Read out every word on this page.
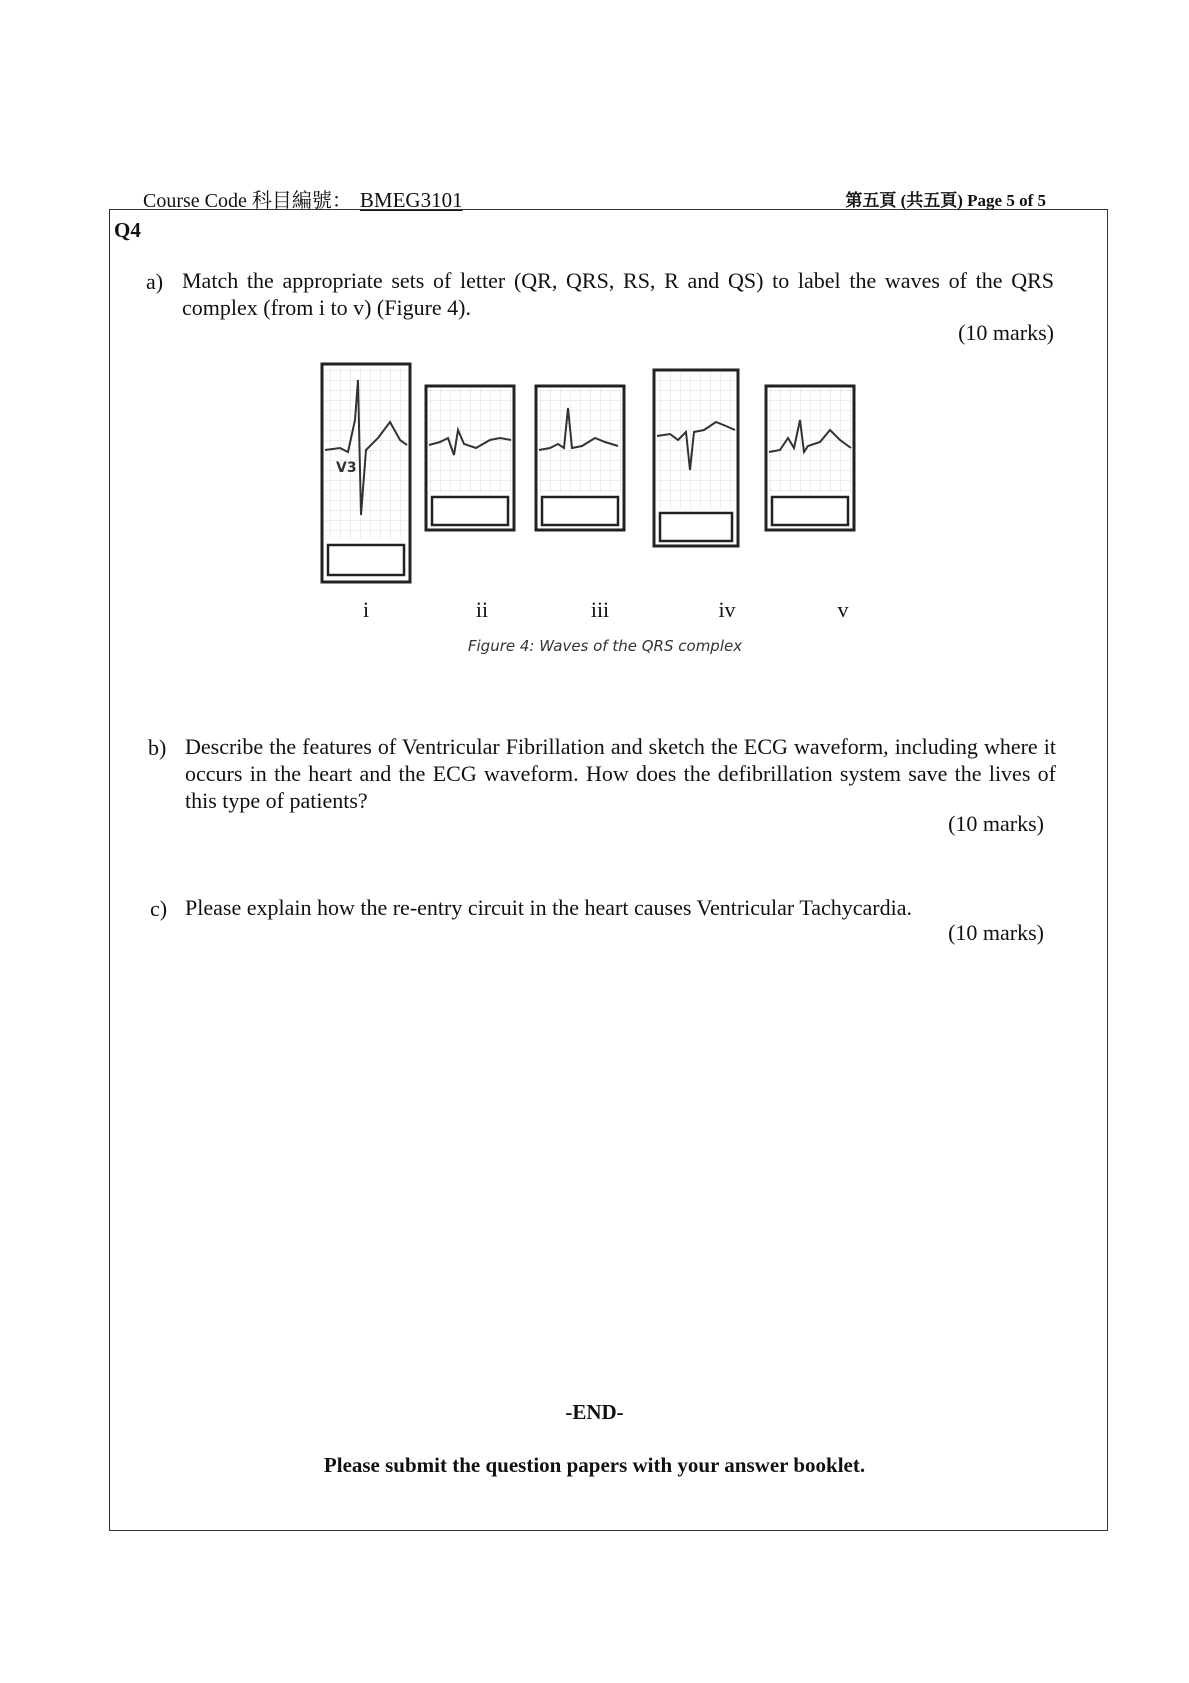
Course Code 科目編號： BMEG3101	第五頁 (共五頁) Page 5 of 5
Q4
a) Match the appropriate sets of letter (QR, QRS, RS, R and QS) to label the waves of the QRS complex (from i to v) (Figure 4).
(10 marks)
V3
i	ii	iii	iv	v
Figure 4: Waves of the QRS complex
b) Describe the features of Ventricular Fibrillation and sketch the ECG waveform, including where it occurs in the heart and the ECG waveform. How does the defibrillation system save the lives of this type of patients?
(10 marks)
c) Please explain how the re-entry circuit in the heart causes Ventricular Tachycardia.
(10 marks)
-END-
Please submit the question papers with your answer booklet.
